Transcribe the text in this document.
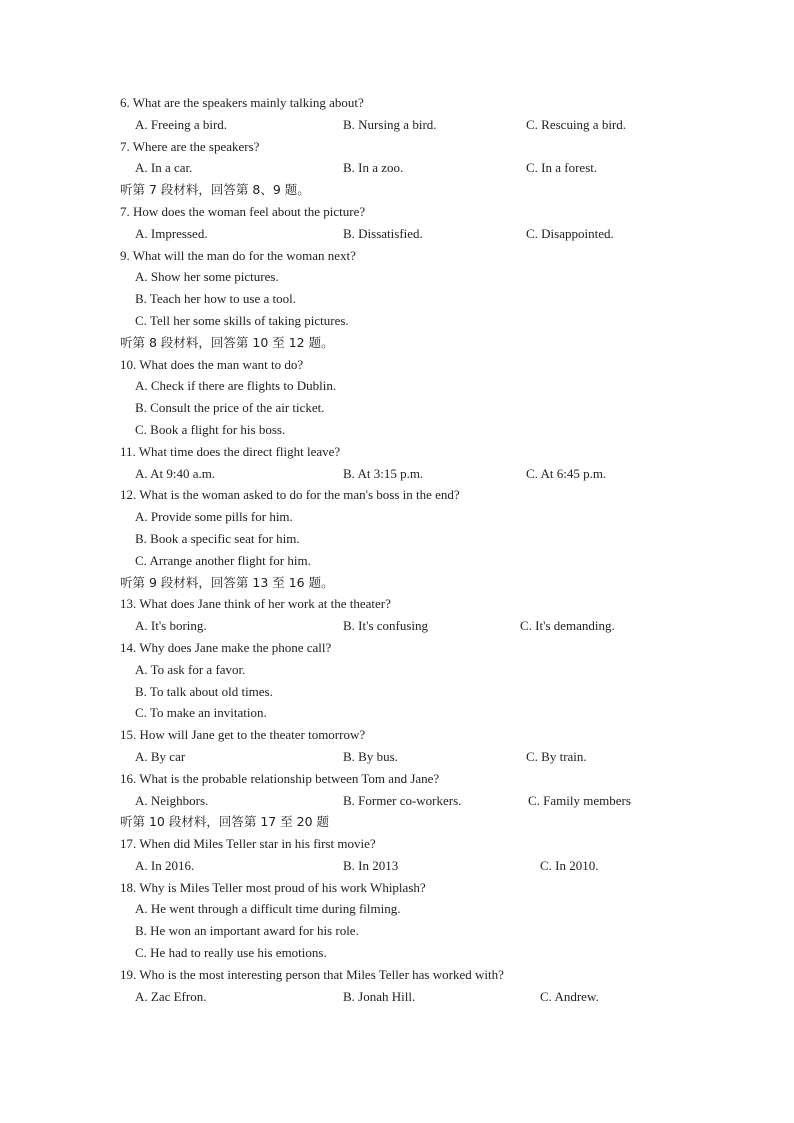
6. What are the speakers mainly talking about?
A. Freeing a bird.	B. Nursing a bird.	C. Rescuing a bird.
7. Where are the speakers?
A. In a car.	B. In a zoo.	C. In a forest.
听第 7 段材料，回答第 8、9 题。
7. How does the woman feel about the picture?
A. Impressed.	B. Dissatisfied.	C. Disappointed.
9. What will the man do for the woman next?
A. Show her some pictures.
B. Teach her how to use a tool.
C. Tell her some skills of taking pictures.
听第 8 段材料，回答第 10 至 12 题。
10. What does the man want to do?
A. Check if there are flights to Dublin.
B. Consult the price of the air ticket.
C. Book a flight for his boss.
11. What time does the direct flight leave?
A. At 9:40 a.m.	B. At 3:15 p.m.	C. At 6:45 p.m.
12. What is the woman asked to do for the man's boss in the end?
A. Provide some pills for him.
B. Book a specific seat for him.
C. Arrange another flight for him.
听第 9 段材料，回答第 13 至 16 题。
13. What does Jane think of her work at the theater?
A. It's boring.	B. It's confusing	C. It's demanding.
14. Why does Jane make the phone call?
A. To ask for a favor.
B. To talk about old times.
C. To make an invitation.
15. How will Jane get to the theater tomorrow?
A. By car	B. By bus.	C. By train.
16. What is the probable relationship between Tom and Jane?
A. Neighbors.	B. Former co-workers.	C. Family members
听第 10 段材料，回答第 17 至 20 题
17. When did Miles Teller star in his first movie?
A. In 2016.	B. In 2013	C. In 2010.
18. Why is Miles Teller most proud of his work Whiplash?
A. He went through a difficult time during filming.
B. He won an important award for his role.
C. He had to really use his emotions.
19. Who is the most interesting person that Miles Teller has worked with?
A. Zac Efron.	B. Jonah Hill.	C. Andrew.
